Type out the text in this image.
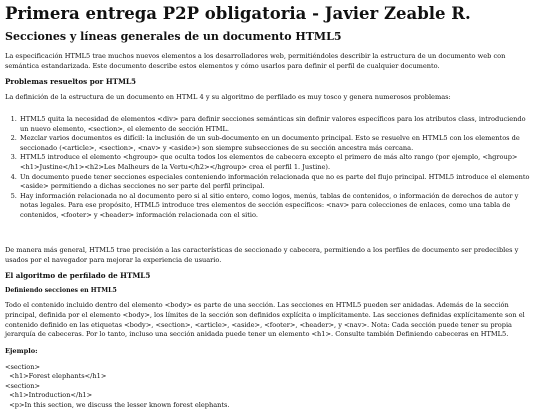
Primera entrega P2P obligatoria - Javier Zeable R.
Secciones y líneas generales de un documento HTML5

La especificación HTML5 trae muchos nuevos elementos a los desarrolladores web, permitiéndoles describir la estructura de un documento web con semántica estandarizada. Este documento describe estos elementos y cómo usarlos para definir el perfil de cualquier documento.

Problemas resueltos por HTML5

La definición de la estructura de un documento en HTML 4 y su algoritmo de perfilado es muy tosco y genera numerosos problemas:

1. HTML5 quita la necesidad de elementos <div> para definir secciones semánticas sin definir valores específicos para los atributos class, introduciendo un nuevo elemento, <section>, el elemento de sección HTML.
2. Mezclar varios documentos es difícil: la inclusión de un sub-documento en un documento principal. Esto se resuelve en HTML5 con los elementos de seccionado (<article>, <section>, <nav> y <aside>) son siempre subsecciones de su sección ancestra más cercana.
3. HTML5 introduce el elemento <hgroup> que oculta todos los elementos de cabecera excepto el primero de más alto rango (por ejemplo, <hgroup> <h1>Justine</h1><h2>Les Malheurs de la Vertu</h2></hgroup> crea el perfil 1. Justine).
4. Un documento puede tener secciones especiales conteniendo información relacionada que no es parte del flujo principal. HTML5 introduce el elemento <aside> permitiendo a dichas secciones no ser parte del perfil principal.
5. Hay información relacionada no al documento pero si al sitio entero, como logos, menús, tablas de contenidos, o información de derechos de autor y notas legales. Para ese propósito, HTML5 introduce tres elementos de sección específicos: <nav> para colecciones de enlaces, como una tabla de contenidos, <footer> y <header> información relacionada con el sitio.

De manera más general, HTML5 trae precisión a las características de seccionado y cabecera, permitiendo a los perfiles de documento ser predecibles y usados por el navegador para mejorar la experiencia de usuario.

El algoritmo de perfilado de HTML5
Definiendo secciones en HTML5

Todo el contenido incluido dentro del elemento <body> es parte de una sección. Las secciones en HTML5 pueden ser anidadas. Además de la sección principal, definida por el elemento <body>, los límites de la sección son definidos explícita o implícitamente. Las secciones definidas explícitamente son el contenido definido en las etiquetas <body>, <section>, <article>, <aside>, <footer>, <header>, y <nav>. Nota: Cada sección puede tener su propia jerarquía de cabeceras. Por lo tanto, incluso una sección anidada puede tener un elemento <h1>. Consulte también Definiendo cabeceras en HTML5.

Ejemplo:
<section>
<h1>Forest elephants</h1>
<section>
<h1>Introduction</h1>
<p>In this section, we discuss the lesser known forest elephants.
